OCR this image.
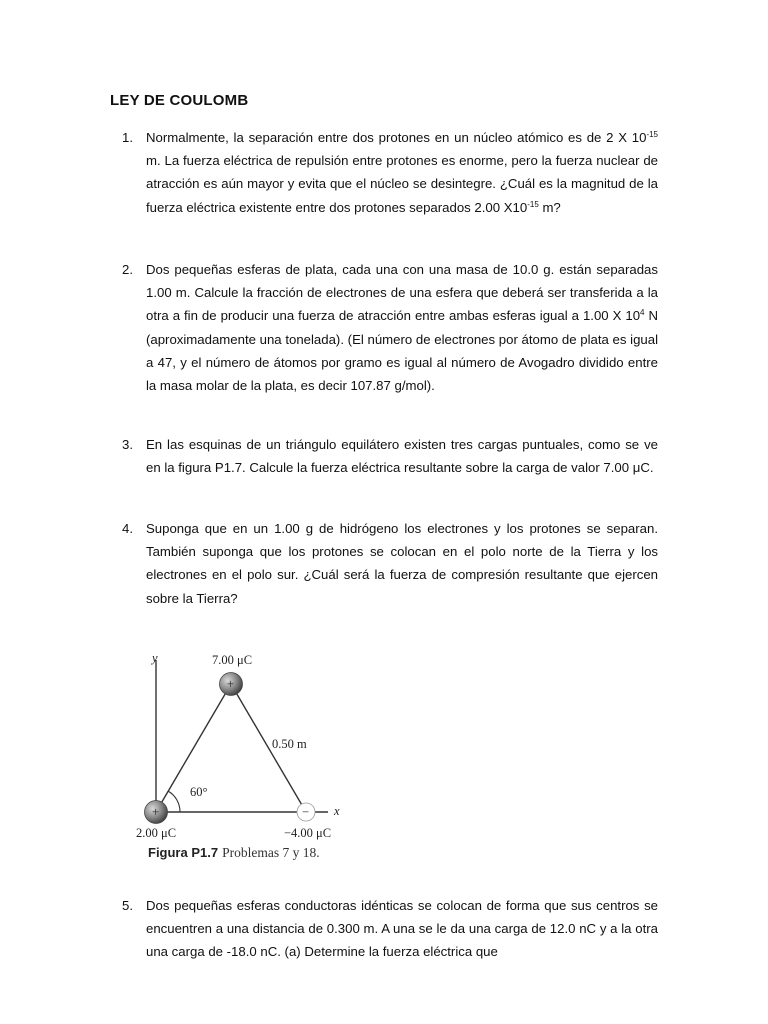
LEY DE COULOMB
1. Normalmente, la separación entre dos protones en un núcleo atómico es de 2 X $10^{-15}$ m. La fuerza eléctrica de repulsión entre protones es enorme, pero la fuerza nuclear de atracción es aún mayor y evita que el núcleo se desintegre. ¿Cuál es la magnitud de la fuerza eléctrica existente entre dos protones separados 2.00 $X10^{-15}$ m?
2. Dos pequeñas esferas de plata, cada una con una masa de 10.0 g. están separadas 1.00 m. Calcule la fracción de electrones de una esfera que deberá ser transferida a la otra a fin de producir una fuerza de atracción entre ambas esferas igual a 1.00 X $10^4$ N (aproximadamente una tonelada). (El número de electrones por átomo de plata es igual a 47, y el número de átomos por gramo es igual al número de Avogadro dividido entre la masa molar de la plata, es decir 107.87 g/mol).
3. En las esquinas de un triángulo equilátero existen tres cargas puntuales, como se ve en la figura P1.7. Calcule la fuerza eléctrica resultante sobre la carga de valor 7.00 μC.
4. Suponga que en un 1.00 g de hidrógeno los electrones y los protones se separan. También suponga que los protones se colocan en el polo norte de la Tierra y los electrones en el polo sur. ¿Cuál será la fuerza de compresión resultante que ejercen sobre la Tierra?
y
x
60°
0.50 m
+
+	−
7.00 μC
2.00 μC	−4.00 μC
Figura P1.7 Problemas 7 y 18.
5. Dos pequeñas esferas conductoras idénticas se colocan de forma que sus centros se encuentren a una distancia de 0.300 m. A una se le da una carga de 12.0 nC y a la otra una carga de -18.0 nC. (a) Determine la fuerza eléctrica que
